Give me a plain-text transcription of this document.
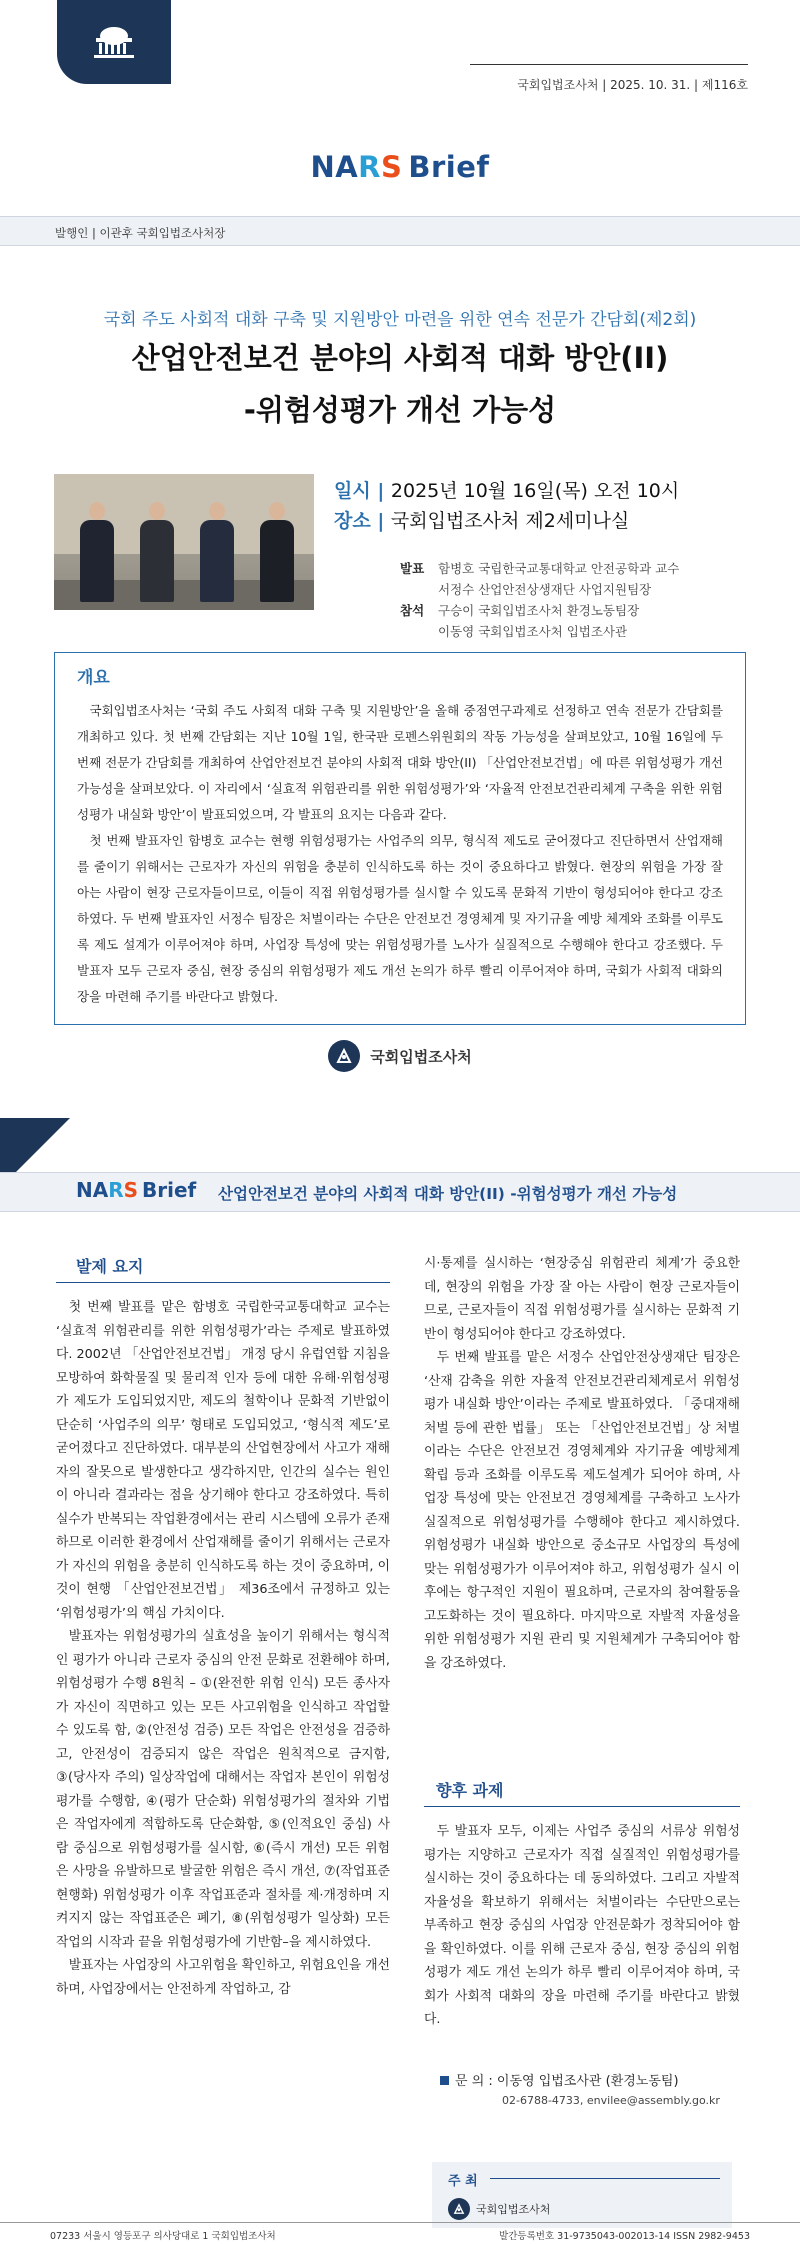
국회입법조사처 | 2025. 10. 31. | 제116호
NARS Brief
발행인 | 이관후 국회입법조사처장
국회 주도 사회적 대화 구축 및 지원방안 마련을 위한 연속 전문가 간담회(제2회)
산업안전보건 분야의 사회적 대화 방안(II)
-위험성평가 개선 가능성
일시 | 2025년 10월 16일(목) 오전 10시
장소 | 국회입법조사처 제2세미나실
발표 함병호 국립한국교통대학교 안전공학과 교수
서정수 산업안전상생재단 사업지원팀장
참석 구승이 국회입법조사처 환경노동팀장
이동영 국회입법조사처 입법조사관
개요

국회입법조사처는 ‘국회 주도 사회적 대화 구축 및 지원방안’을 올해 중점연구과제로 선정하고 연속 전문가 간담회를 개최하고 있다. 첫 번째 간담회는 지난 10월 1일, 한국판 로펜스위원회의 작동 가능성을 살펴보았고, 10월 16일에 두 번째 전문가 간담회를 개최하여 산업안전보건 분야의 사회적 대화 방안(II) 「산업안전보건법」에 따른 위험성평가 개선 가능성을 살펴보았다. 이 자리에서 ‘실효적 위험관리를 위한 위험성평가’와 ‘자율적 안전보건관리체계 구축을 위한 위험성평가 내실화 방안’이 발표되었으며, 각 발표의 요지는 다음과 같다.

첫 번째 발표자인 함병호 교수는 현행 위험성평가는 사업주의 의무, 형식적 제도로 굳어졌다고 진단하면서 산업재해를 줄이기 위해서는 근로자가 자신의 위험을 충분히 인식하도록 하는 것이 중요하다고 밝혔다. 현장의 위험을 가장 잘 아는 사람이 현장 근로자들이므로, 이들이 직접 위험성평가를 실시할 수 있도록 문화적 기반이 형성되어야 한다고 강조하였다. 두 번째 발표자인 서정수 팀장은 처벌이라는 수단은 안전보건 경영체계 및 자기규율 예방 체계와 조화를 이루도록 제도 설계가 이루어져야 하며, 사업장 특성에 맞는 위험성평가를 노사가 실질적으로 수행해야 한다고 강조했다. 두 발표자 모두 근로자 중심, 현장 중심의 위험성평가 제도 개선 논의가 하루 빨리 이루어져야 하며, 국회가 사회적 대화의 장을 마련해 주기를 바란다고 밝혔다.

국회입법조사처
NARS Brief 산업안전보건 분야의 사회적 대화 방안(II) -위험성평가 개선 가능성
발제 요지

첫 번째 발표를 맡은 함병호 국립한국교통대학교 교수는 ‘실효적 위험관리를 위한 위험성평가’라는 주제로 발표하였다. 2002년 「산업안전보건법」 개정 당시 유럽연합 지침을 모방하여 화학물질 및 물리적 인자 등에 대한 유해·위험성평가 제도가 도입되었지만, 제도의 철학이나 문화적 기반없이 단순히 ‘사업주의 의무’ 형태로 도입되었고, ‘형식적 제도’로 굳어졌다고 진단하였다. 대부분의 산업현장에서 사고가 재해자의 잘못으로 발생한다고 생각하지만, 인간의 실수는 원인이 아니라 결과라는 점을 상기해야 한다고 강조하였다. 특히 실수가 반복되는 작업환경에서는 관리 시스템에 오류가 존재하므로 이러한 환경에서 산업재해를 줄이기 위해서는 근로자가 자신의 위험을 충분히 인식하도록 하는 것이 중요하며, 이것이 현행 「산업안전보건법」 제36조에서 규정하고 있는 ‘위험성평가’의 핵심 가치이다.

발표자는 위험성평가의 실효성을 높이기 위해서는 형식적인 평가가 아니라 근로자 중심의 안전 문화로 전환해야 하며, 위험성평가 수행 8원칙 – ①(완전한 위험 인식) 모든 종사자가 자신이 직면하고 있는 모든 사고위험을 인식하고 작업할 수 있도록 함, ②(안전성 검증) 모든 작업은 안전성을 검증하고, 안전성이 검증되지 않은 작업은 원칙적으로 금지함, ③(당사자 주의) 일상작업에 대해서는 작업자 본인이 위험성평가를 수행함, ④(평가 단순화) 위험성평가의 절차와 기법은 작업자에게 적합하도록 단순화함, ⑤(인적요인 중심) 사람 중심으로 위험성평가를 실시함, ⑥(즉시 개선) 모든 위험은 사망을 유발하므로 발굴한 위험은 즉시 개선, ⑦(작업표준 현행화) 위험성평가 이후 작업표준과 절차를 제·개정하며 지켜지지 않는 작업표준은 폐기, ⑧(위험성평가 일상화) 모든 작업의 시작과 끝을 위험성평가에 기반함–을 제시하였다.

발표자는 사업장의 사고위험을 확인하고, 위험요인을 개선하며, 사업장에서는 안전하게 작업하고, 감

시·통제를 실시하는 ‘현장중심 위험관리 체계’가 중요한데, 현장의 위험을 가장 잘 아는 사람이 현장 근로자들이므로, 근로자들이 직접 위험성평가를 실시하는 문화적 기반이 형성되어야 한다고 강조하였다.

두 번째 발표를 맡은 서정수 산업안전상생재단 팀장은 ‘산재 감축을 위한 자율적 안전보건관리체계로서 위험성평가 내실화 방안’이라는 주제로 발표하였다. 「중대재해 처벌 등에 관한 법률」 또는 「산업안전보건법」상 처벌이라는 수단은 안전보건 경영체계와 자기규율 예방체계 확립 등과 조화를 이루도록 제도설계가 되어야 하며, 사업장 특성에 맞는 안전보건 경영체계를 구축하고 노사가 실질적으로 위험성평가를 수행해야 한다고 제시하였다. 위험성평가 내실화 방안으로 중소규모 사업장의 특성에 맞는 위험성평가가 이루어져야 하고, 위험성평가 실시 이후에는 항구적인 지원이 필요하며, 근로자의 참여활동을 고도화하는 것이 필요하다. 마지막으로 자발적 자율성을 위한 위험성평가 지원 관리 및 지원체계가 구축되어야 함을 강조하였다.

향후 과제

두 발표자 모두, 이제는 사업주 중심의 서류상 위험성평가는 지양하고 근로자가 직접 실질적인 위험성평가를 실시하는 것이 중요하다는 데 동의하였다. 그리고 자발적 자율성을 확보하기 위해서는 처벌이라는 수단만으로는 부족하고 현장 중심의 사업장 안전문화가 정착되어야 함을 확인하였다. 이를 위해 근로자 중심, 현장 중심의 위험성평가 제도 개선 논의가 하루 빨리 이루어져야 하며, 국회가 사회적 대화의 장을 마련해 주기를 바란다고 밝혔다.

문 의 : 이동영 입법조사관 (환경노동팀)
02-6788-4733, envilee@assembly.go.kr
주 최
국회입법조사처
07233 서울시 영등포구 의사당대로 1 국회입법조사처	발간등록번호 31-9735043-002013-14 ISSN 2982-9453
